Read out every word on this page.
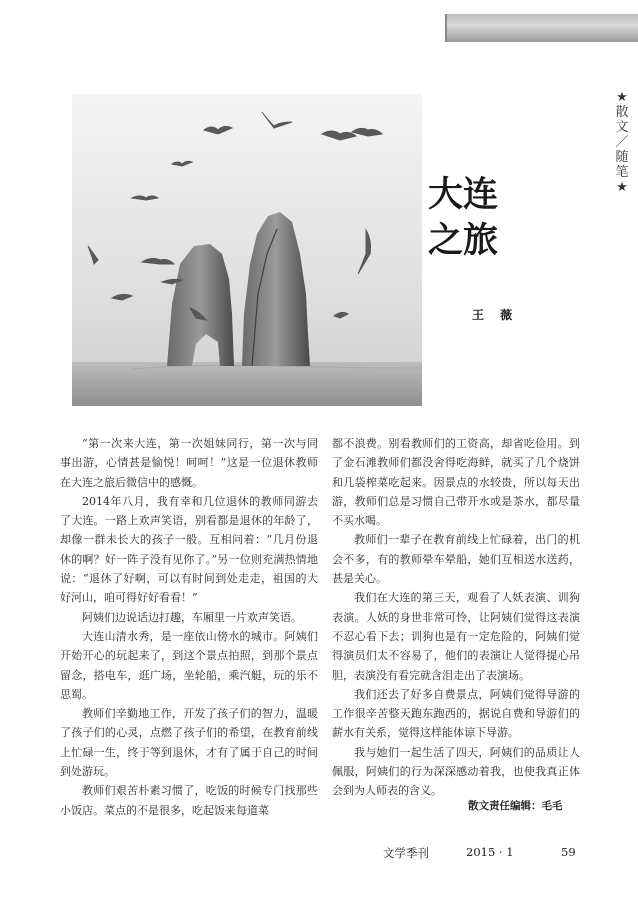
★
散
文
／
随
笔
★
大连
之旅
王 薇

“第一次来大连，第一次姐妹同行，第一次与同事出游，心情甚是愉悦！呵呵！”这是一位退休教师在大连之旅后微信中的感慨。

2014年八月，我有幸和几位退休的教师同游去了大连。一路上欢声笑语，别看都是退休的年龄了，却像一群未长大的孩子一般。互相问着：“几月份退休的啊？好一阵子没有见你了。”另一位则充满热情地说：“退休了好啊，可以有时间到处走走，祖国的大好河山，咱可得好好看看！”

阿姨们边说话边打趣，车厢里一片欢声笑语。

大连山清水秀，是一座依山傍水的城市。阿姨们开始开心的玩起来了，到这个景点拍照，到那个景点留念，搭电车，逛广场，坐轮船，乘汽艇，玩的乐不思蜀。

教师们辛勤地工作，开发了孩子们的智力，温暖了孩子们的心灵，点燃了孩子们的希望，在教育前线上忙碌一生，终于等到退休，才有了属于自己的时间到处游玩。

教师们艰苦朴素习惯了，吃饭的时候专门找那些小饭店。菜点的不是很多，吃起饭来每道菜

都不浪费。别看教师们的工资高，却省吃俭用。到了金石滩教师们都没舍得吃海鲜，就买了几个烧饼和几袋榨菜吃起来。因景点的水较贵，所以每天出游，教师们总是习惯自己带开水或是茶水，都尽量不买水喝。

教师们一辈子在教育前线上忙碌着，出门的机会不多，有的教师晕车晕船，她们互相送水送药，甚是关心。

我们在大连的第三天，观看了人妖表演、训狗表演。人妖的身世非常可怜，让阿姨们觉得这表演不忍心看下去；训狗也是有一定危险的，阿姨们觉得演员们太不容易了，他们的表演让人觉得提心吊胆，表演没有看完就含泪走出了表演场。

我们还去了好多自费景点，阿姨们觉得导游的工作很辛苦整天跑东跑西的，据说自费和导游们的薪水有关系，觉得这样能体谅下导游。

我与她们一起生活了四天，阿姨们的品质让人佩服，阿姨们的行为深深感动着我，也使我真正体会到为人师表的含义。

散文责任编辑：毛毛
文学季刊	2015 · 1	59
